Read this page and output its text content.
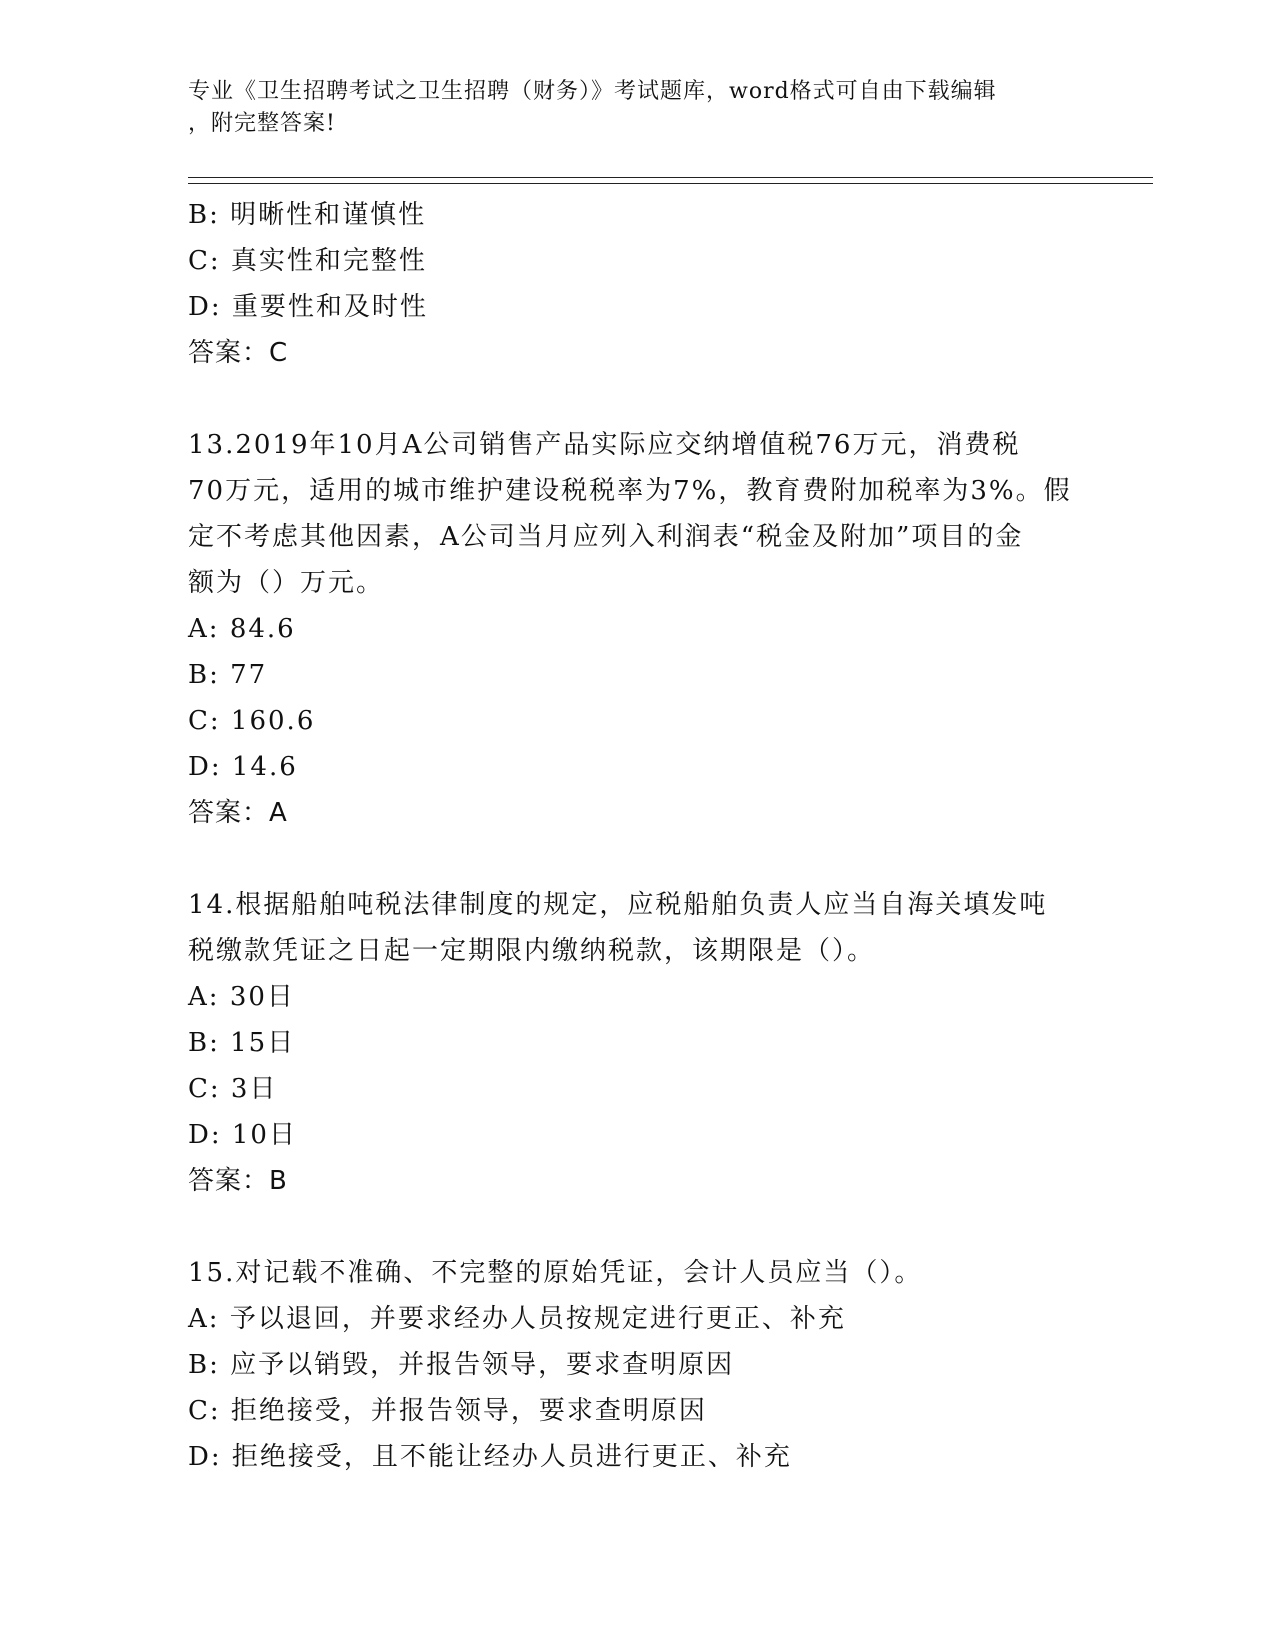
专业《卫生招聘考试之卫生招聘（财务）》考试题库，word格式可自由下载编辑
，附完整答案!
B: 明晰性和谨慎性
C: 真实性和完整性
D: 重要性和及时性
答案：C
13.2019年10月A公司销售产品实际应交纳增值税76万元，消费税
70万元，适用的城市维护建设税税率为7%，教育费附加税率为3%。假
定不考虑其他因素，A公司当月应列入利润表“税金及附加”项目的金
额为（）万元。
A: 84.6
B: 77
C: 160.6
D: 14.6
答案：A
14.根据船舶吨税法律制度的规定，应税船舶负责人应当自海关填发吨
税缴款凭证之日起一定期限内缴纳税款，该期限是（）。
A: 30日
B: 15日
C: 3日
D: 10日
答案：B
15.对记载不准确、不完整的原始凭证，会计人员应当（）。
A: 予以退回，并要求经办人员按规定进行更正、补充
B: 应予以销毁，并报告领导，要求查明原因
C: 拒绝接受，并报告领导，要求查明原因
D: 拒绝接受，且不能让经办人员进行更正、补充
